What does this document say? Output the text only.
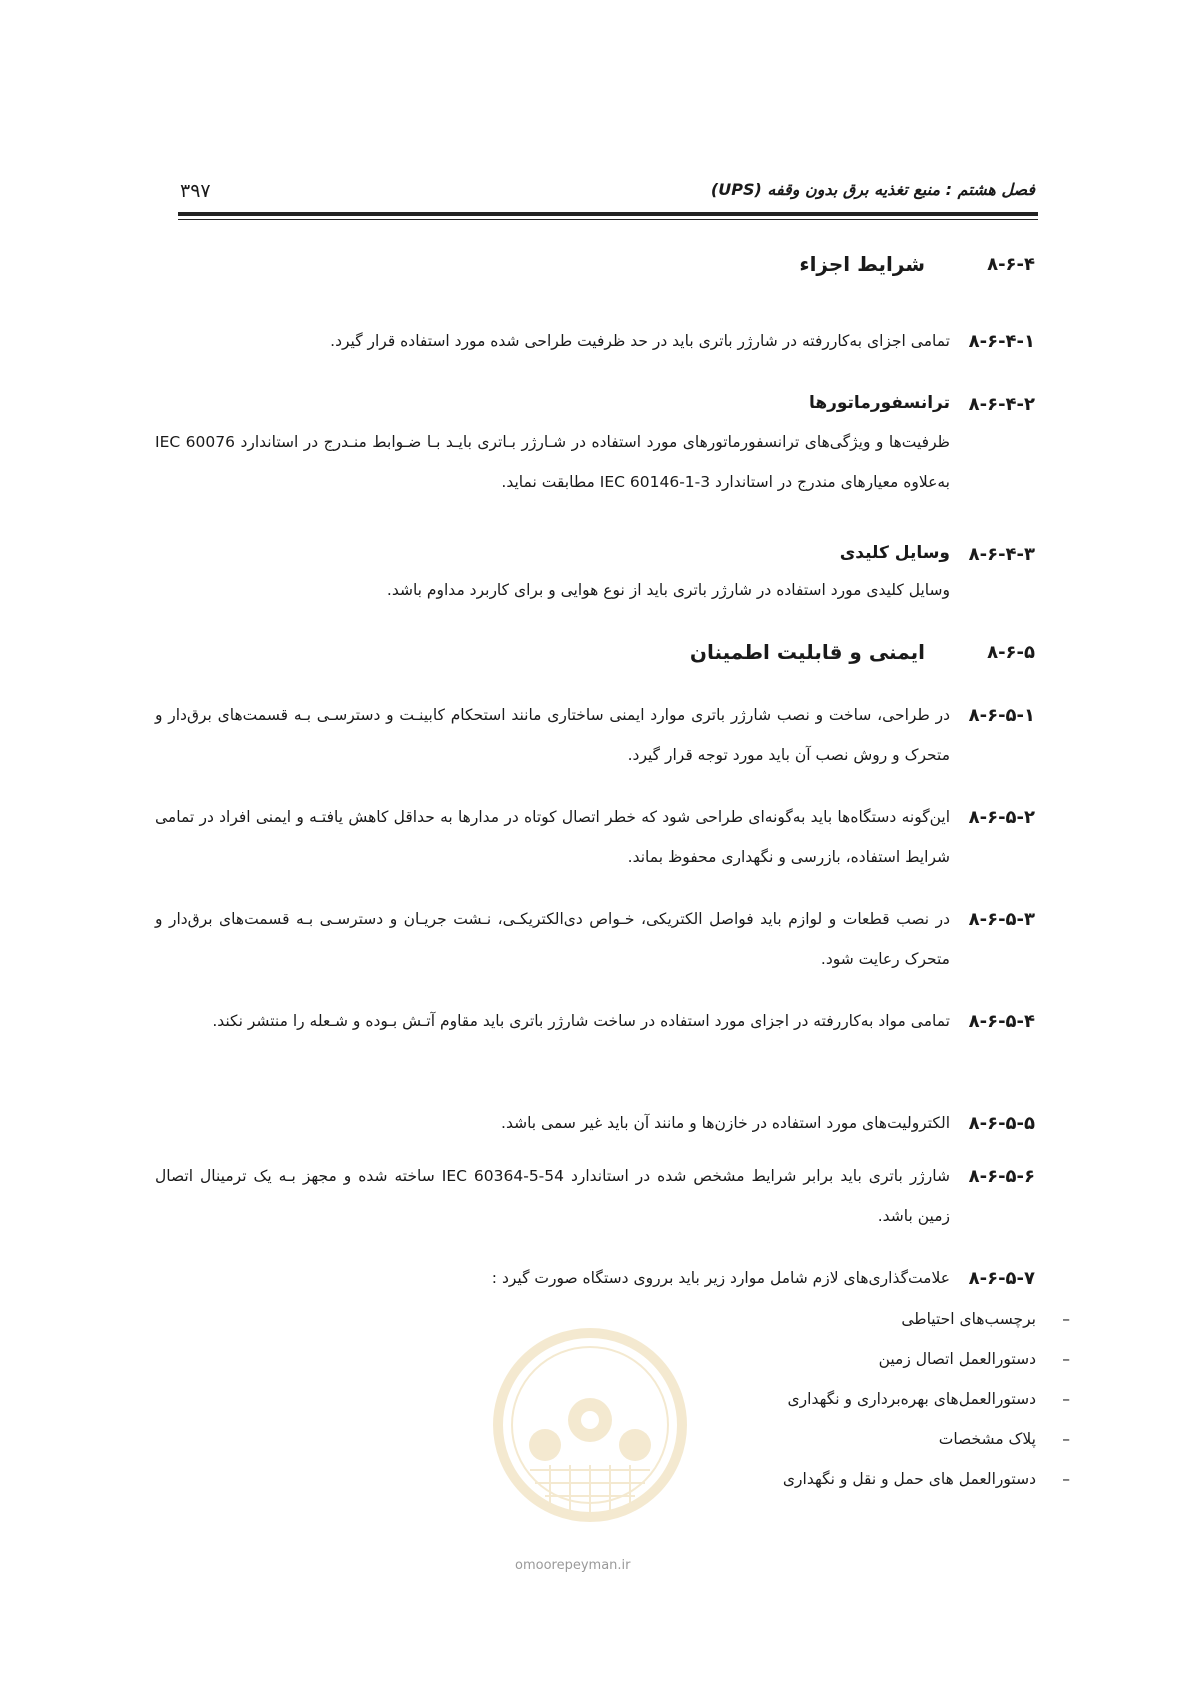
فصل هشتم : منبع تغذیه برق بدون وقفه (UPS)
۳۹۷
۸-۶-۴
شرایط اجزاء
۸-۶-۴-۱

تمامی اجزای به‌کاررفته در شارژر باتری باید در حد ظرفیت طراحی شده مورد استفاده قرار گیرد.

۸-۶-۴-۲
ترانسفورماتورها

ظرفیت‌ها و ویژگی‌های ترانسفورماتورهای مورد استفاده در شـارژر بـاتری بایـد بـا ضـوابط منـدرج در استاندارد IEC 60076 به‌علاوه معیارهای مندرج در استاندارد IEC 60146-1-3 مطابقت نماید.

۸-۶-۴-۳
وسایل کلیدی

وسایل کلیدی مورد استفاده در شارژر باتری باید از نوع هوایی و برای کاربرد مداوم باشد.

۸-۶-۵
ایمنی و قابلیت اطمینان
۸-۶-۵-۱

در طراحی، ساخت و نصب شارژر باتری موارد ایمنی ساختاری مانند استحکام کابینـت و دسترسـی بـه قسمت‌های برق‌دار و متحرک و روش نصب آن باید مورد توجه قرار گیرد.

۸-۶-۵-۲

این‌گونه دستگاه‌ها باید به‌گونه‌ای طراحی شود که خطر اتصال کوتاه در مدارها به حداقل کاهش یافتـه و ایمنی افراد در تمامی شرایط استفاده، بازرسی و نگهداری محفوظ بماند.

۸-۶-۵-۳

در نصب قطعات و لوازم باید فواصل الکتریکی، خـواص دی‌الکتریکـی، نـشت جریـان و دسترسـی بـه قسمت‌های برق‌دار و متحرک رعایت شود.

۸-۶-۵-۴

تمامی مواد به‌کاررفته در اجزای مورد استفاده در ساخت شارژر باتری باید مقاوم آتـش بـوده و شـعله را منتشر نکند.

۸-۶-۵-۵

الکترولیت‌های مورد استفاده در خازن‌ها و مانند آن باید غیر سمی باشد.

۸-۶-۵-۶

شارژر باتری باید برابر شرایط مشخص شده در استاندارد IEC 60364-5-54 ساخته شده و مجهز بـه یک ترمینال اتصال زمین باشد.

۸-۶-۵-۷

علامت‌گذاری‌های لازم شامل موارد زیر باید برروی دستگاه صورت گیرد :

–
برچسب‌های احتیاطی
–
دستورالعمل اتصال زمین
–
دستورالعمل‌های بهره‌برداری و نگهداری
–
پلاک مشخصات
–
دستورالعمل های حمل و نقل و نگهداری
omoorepeyman.ir
